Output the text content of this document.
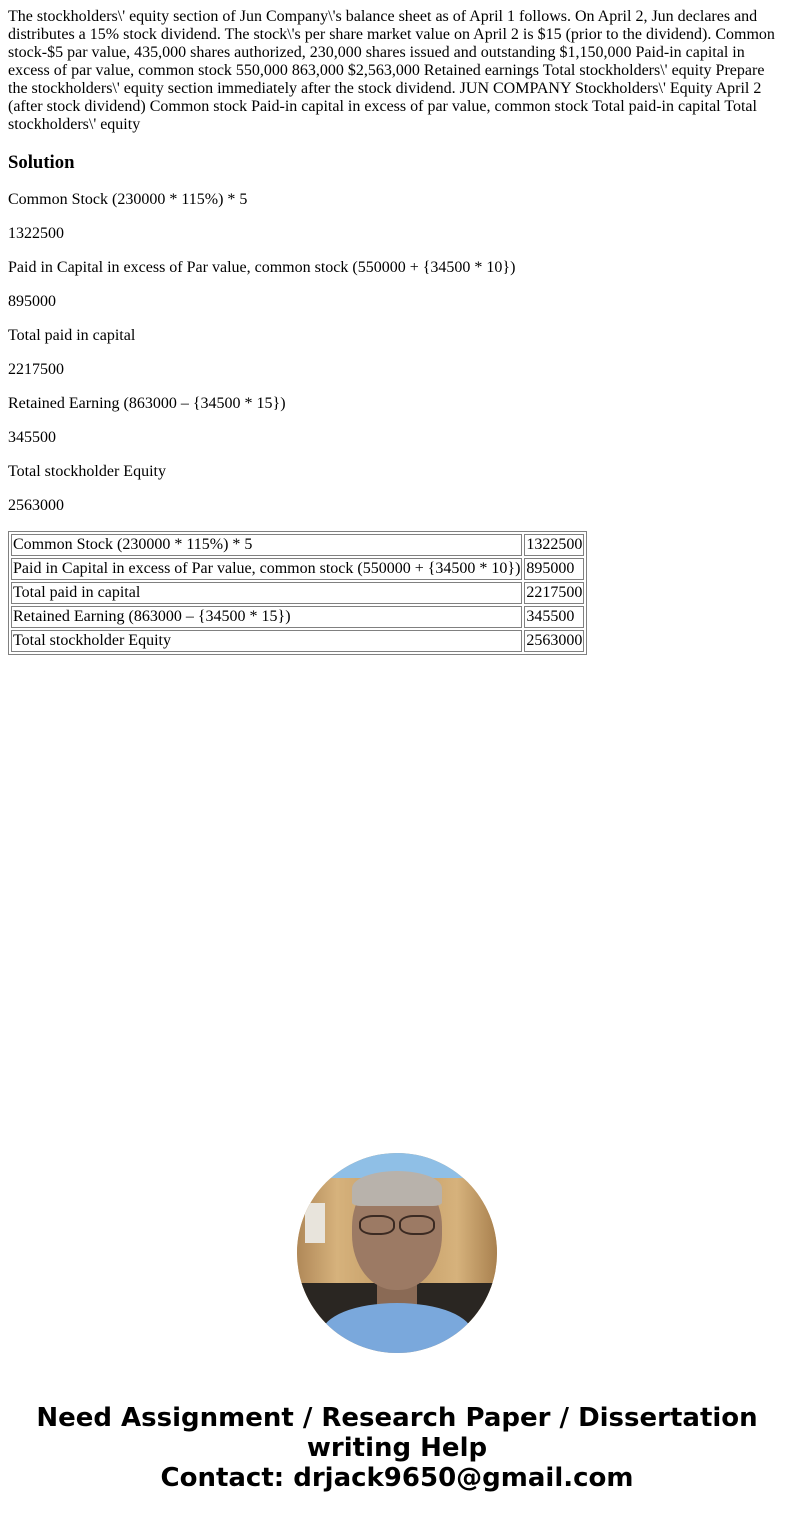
The stockholders\' equity section of Jun Company\'s balance sheet as of April 1 follows. On April 2, Jun declares and distributes a 15% stock dividend. The stock\'s per share market value on April 2 is $15 (prior to the dividend). Common stock-$5 par value, 435,000 shares authorized, 230,000 shares issued and outstanding $1,150,000 Paid-in capital in excess of par value, common stock 550,000 863,000 $2,563,000 Retained earnings Total stockholders\' equity Prepare the stockholders\' equity section immediately after the stock dividend. JUN COMPANY Stockholders\' Equity April 2 (after stock dividend) Common stock Paid-in capital in excess of par value, common stock Total paid-in capital Total stockholders\' equity

Solution

Common Stock (230000 * 115%) * 5

1322500

Paid in Capital in excess of Par value, common stock (550000 + {34500 * 10})

895000

Total paid in capital

2217500

Retained Earning (863000 – {34500 * 15})

345500

Total stockholder Equity

2563000

Common Stock (230000 * 115%) * 5	1322500
Paid in Capital in excess of Par value, common stock (550000 + {34500 * 10})	895000
Total paid in capital	2217500
Retained Earning (863000 – {34500 * 15})	345500
Total stockholder Equity	2563000
Need Assignment / Research Paper / Dissertation
writing Help
Contact: drjack9650@gmail.com
